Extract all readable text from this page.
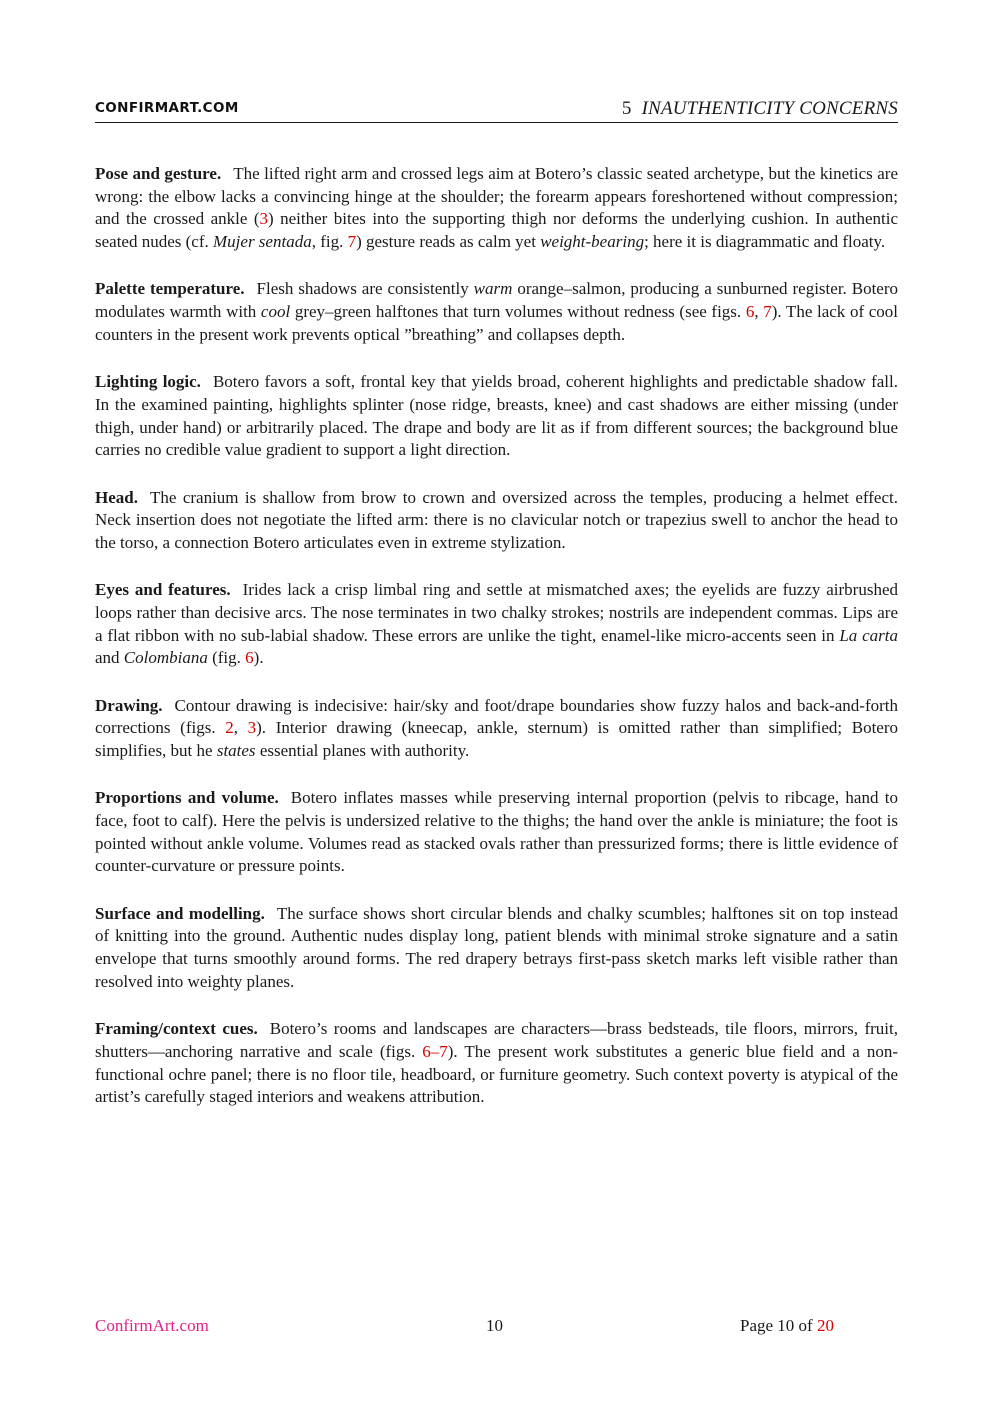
CONFIRMART.COM	5 INAUTHENTICITY CONCERNS

Pose and gesture. The lifted right arm and crossed legs aim at Botero’s classic seated archetype, but the kinetics are wrong: the elbow lacks a convincing hinge at the shoulder; the forearm appears foreshortened without compression; and the crossed ankle (3) neither bites into the supporting thigh nor deforms the underlying cushion. In authentic seated nudes (cf. Mujer sentada, fig. 7) gesture reads as calm yet weight-bearing; here it is diagrammatic and floaty.

Palette temperature. Flesh shadows are consistently warm orange–salmon, producing a sunburned register. Botero modulates warmth with cool grey–green halftones that turn volumes without redness (see figs. 6, 7). The lack of cool counters in the present work prevents optical ”breathing” and collapses depth.

Lighting logic. Botero favors a soft, frontal key that yields broad, coherent highlights and predictable shadow fall. In the examined painting, highlights splinter (nose ridge, breasts, knee) and cast shadows are either missing (under thigh, under hand) or arbitrarily placed. The drape and body are lit as if from different sources; the background blue carries no credible value gradient to support a light direction.

Head. The cranium is shallow from brow to crown and oversized across the temples, producing a helmet effect. Neck insertion does not negotiate the lifted arm: there is no clavicular notch or trapezius swell to anchor the head to the torso, a connection Botero articulates even in extreme stylization.

Eyes and features. Irides lack a crisp limbal ring and settle at mismatched axes; the eyelids are fuzzy airbrushed loops rather than decisive arcs. The nose terminates in two chalky strokes; nostrils are independent commas. Lips are a flat ribbon with no sub-labial shadow. These errors are unlike the tight, enamel-like micro-accents seen in La carta and Colombiana (fig. 6).

Drawing. Contour drawing is indecisive: hair/sky and foot/drape boundaries show fuzzy halos and back-and-forth corrections (figs. 2, 3). Interior drawing (kneecap, ankle, sternum) is omitted rather than simplified; Botero simplifies, but he states essential planes with authority.

Proportions and volume. Botero inflates masses while preserving internal proportion (pelvis to ribcage, hand to face, foot to calf). Here the pelvis is undersized relative to the thighs; the hand over the ankle is miniature; the foot is pointed without ankle volume. Volumes read as stacked ovals rather than pressurized forms; there is little evidence of counter-curvature or pressure points.

Surface and modelling. The surface shows short circular blends and chalky scumbles; halftones sit on top instead of knitting into the ground. Authentic nudes display long, patient blends with minimal stroke signature and a satin envelope that turns smoothly around forms. The red drapery betrays first-pass sketch marks left visible rather than resolved into weighty planes.

Framing/context cues. Botero’s rooms and landscapes are characters—brass bedsteads, tile floors, mirrors, fruit, shutters—anchoring narrative and scale (figs. 6–7). The present work substitutes a generic blue field and a non-functional ochre panel; there is no floor tile, headboard, or furniture geometry. Such context poverty is atypical of the artist’s carefully staged interiors and weakens attribution.

ConfirmArt.com	10	Page 10 of 20
